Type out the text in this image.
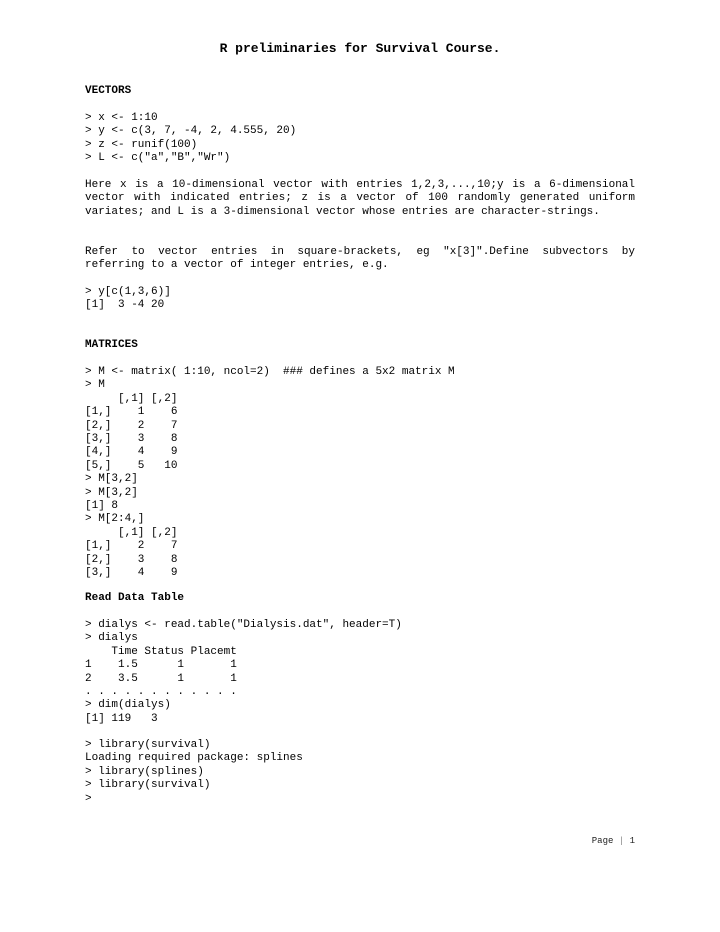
R preliminaries for Survival Course.
VECTORS
> x <- 1:10
> y <- c(3, 7, -4, 2, 4.555, 20)
> z <- runif(100)
> L <- c("a","B","Wr")

Here x is a 10-dimensional vector with entries 1,2,3,...,10;y is a 6-dimensional vector with indicated entries; z is a vector of 100 randomly generated uniform variates; and L is a 3-dimensional vector whose entries are character-strings.

Refer to vector entries in square-brackets, eg "x[3]".Define subvectors by referring to a vector of integer entries, e.g.

> y[c(1,3,6)]
[1]  3 -4 20
MATRICES
> M <- matrix( 1:10, ncol=2)  ### defines a 5x2 matrix M
> M
[,1] [,2]
[1,]    1    6
[2,]    2    7
[3,]    3    8
[4,]    4    9
[5,]    5   10
> M[3,2]
> M[3,2]
[1] 8
> M[2:4,]
[,1] [,2]
[1,]    2    7
[2,]    3    8
[3,]    4    9
Read Data Table
> dialys <- read.table("Dialysis.dat", header=T)
> dialys
Time Status Placemt
1    1.5      1       1
2    3.5      1       1
. . . . . . . . . . . .
> dim(dialys)
[1] 119   3
> library(survival)
Loading required package: splines
> library(splines)
> library(survival)
>
Page | 1
